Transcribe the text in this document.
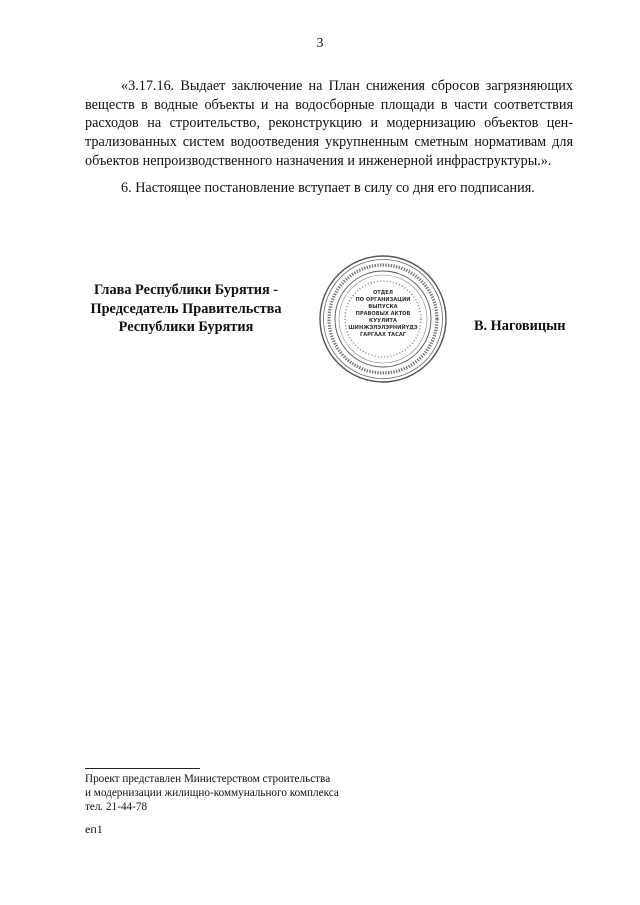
3
«3.17.16. Выдает заключение на План снижения сбросов загрязняющих веществ в водные объекты и на водосборные площади в части соответствия расходов на строительство, реконструкцию и модернизацию объектов цен-трализованных систем водоотведения укрупненным сметным нормативам для объектов непроизводственного назначения и инженерной инфраструктуры.».
6. Настоящее постановление вступает в силу со дня его подписания.
Глава Республики Бурятия -
Председатель Правительства
Республики Бурятия
ОТДЕЛ
ПО ОРГАНИЗАЦИИ
ВЫПУСКА
ПРАВОВЫХ АКТОВ
КУУЛИТА
ШИНЖЭЛЭЛЭРНИЙҮДЭ
ГАРГААХ ТАСАГ
В. Наговицын
Проект представлен Министерством строительства
и модернизации жилищно-коммунального комплекса
тел. 21-44-78
еп1
